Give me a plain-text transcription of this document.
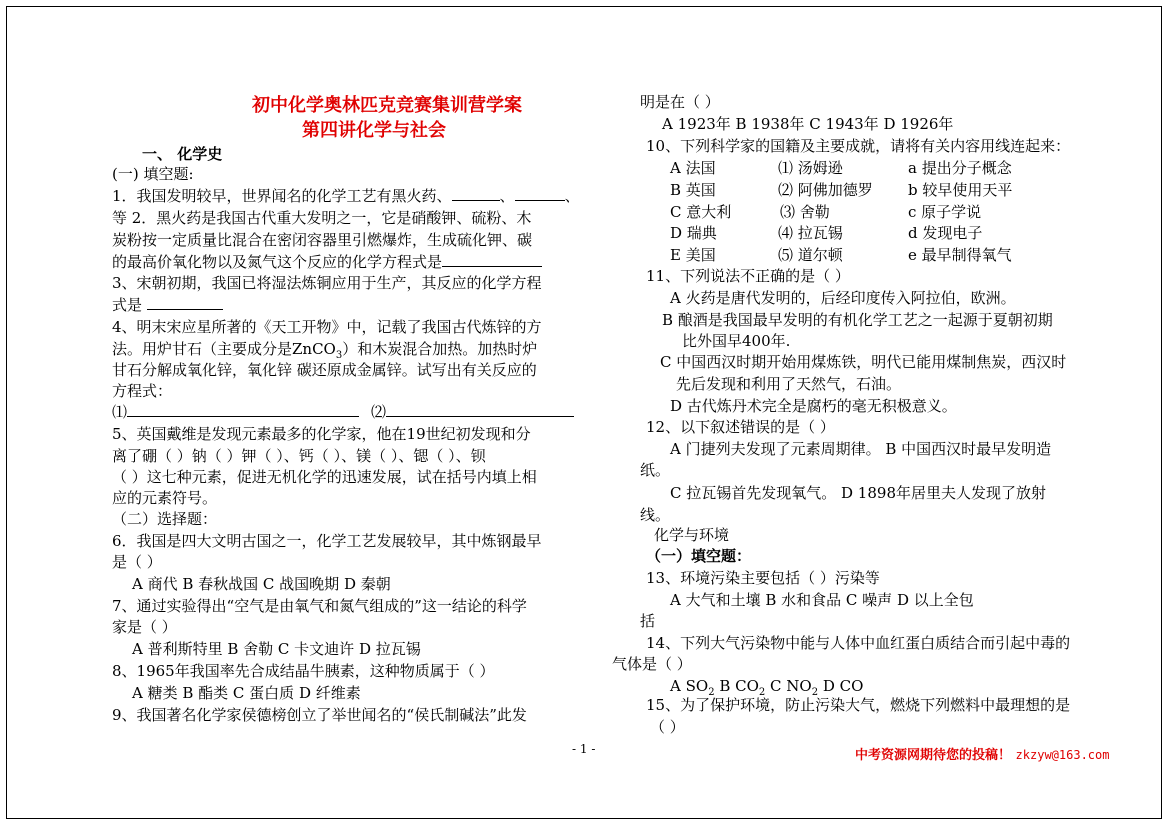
初中化学奥林匹克竞赛集训营学案
第四讲化学与社会
一、 化学史
(一) 填空题:
1．我国发明较早，世界闻名的化学工艺有黑火药、	、	、
等 2．黑火药是我国古代重大发明之一，它是硝酸钾、硫粉、木
炭粉按一定质量比混合在密闭容器里引燃爆炸，生成硫化钾、碳
的最高价氧化物以及氮气这个反应的化学方程式是
3、宋朝初期，我国已将湿法炼铜应用于生产，其反应的化学方程
式是
4、明末宋应星所著的《天工开物》中，记载了我国古代炼锌的方
法。用炉甘石（主要成分是ZnCO$_3$）和木炭混合加热。加热时炉
甘石分解成氧化锌，氧化锌 碳还原成金属锌。试写出有关反应的
方程式：
⑴	⑵
5、英国戴维是发现元素最多的化学家，他在19世纪初发现和分
离了硼（ ）钠（ ）钾（ ）、钙（ ）、镁（ ）、锶（ ）、钡
（ ）这七种元素，促进无机化学的迅速发展，试在括号内填上相
应的元素符号。
（二）选择题：
6．我国是四大文明古国之一，化学工艺发展较早，其中炼钢最早
是（ ）
A 商代 B 春秋战国 C 战国晚期 D 秦朝
7、通过实验得出“空气是由氧气和氮气组成的”这一结论的科学
家是（ ）
A 普利斯特里 B 舍勒 C 卡文迪许 D 拉瓦锡
8、1965年我国率先合成结晶牛胰素，这种物质属于（ ）
A 糖类 B 酯类 C 蛋白质 D 纤维素
9、我国著名化学家侯德榜创立了举世闻名的“侯氏制碱法”此发
明是在（ ）
A 1923年 B 1938年 C 1943年 D 1926年
10、下列科学家的国籍及主要成就，请将有关内容用线连起来：
A 法国	⑴ 汤姆逊	a 提出分子概念
B 英国	⑵ 阿佛加德罗 b 较早使用天平
C 意大利	⑶ 舍勒	c 原子学说
D 瑞典	⑷ 拉瓦锡	d 发现电子
E 美国	⑸ 道尔顿	e 最早制得氧气
11、下列说法不正确的是（ ）
A 火药是唐代发明的，后经印度传入阿拉伯，欧洲。
B 酿酒是我国最早发明的有机化学工艺之一起源于夏朝初期
比外国早400年.
C 中国西汉时期开始用煤炼铁，明代已能用煤制焦炭，西汉时
先后发现和利用了天然气，石油。
D 古代炼丹术完全是腐朽的毫无积极意义。
12、以下叙述错误的是（ ）
A 门捷列夫发现了元素周期律。 B 中国西汉时最早发明造
纸。
C 拉瓦锡首先发现氧气。 D 1898年居里夫人发现了放射
线。
化学与环境
（一）填空题：
13、环境污染主要包括（ ）污染等
A 大气和土壤 B 水和食品 C 噪声 D 以上全包
括
14、下列大气污染物中能与人体中血红蛋白质结合而引起中毒的
气体是（ ）
A $SO_2$ B $CO_2$ C $NO_2$ D CO
15、为了保护环境，防止污染大气，燃烧下列燃料中最理想的是
（ ）
- 1 -	中考资源网期待您的投稿！ zkzyw@163.com
